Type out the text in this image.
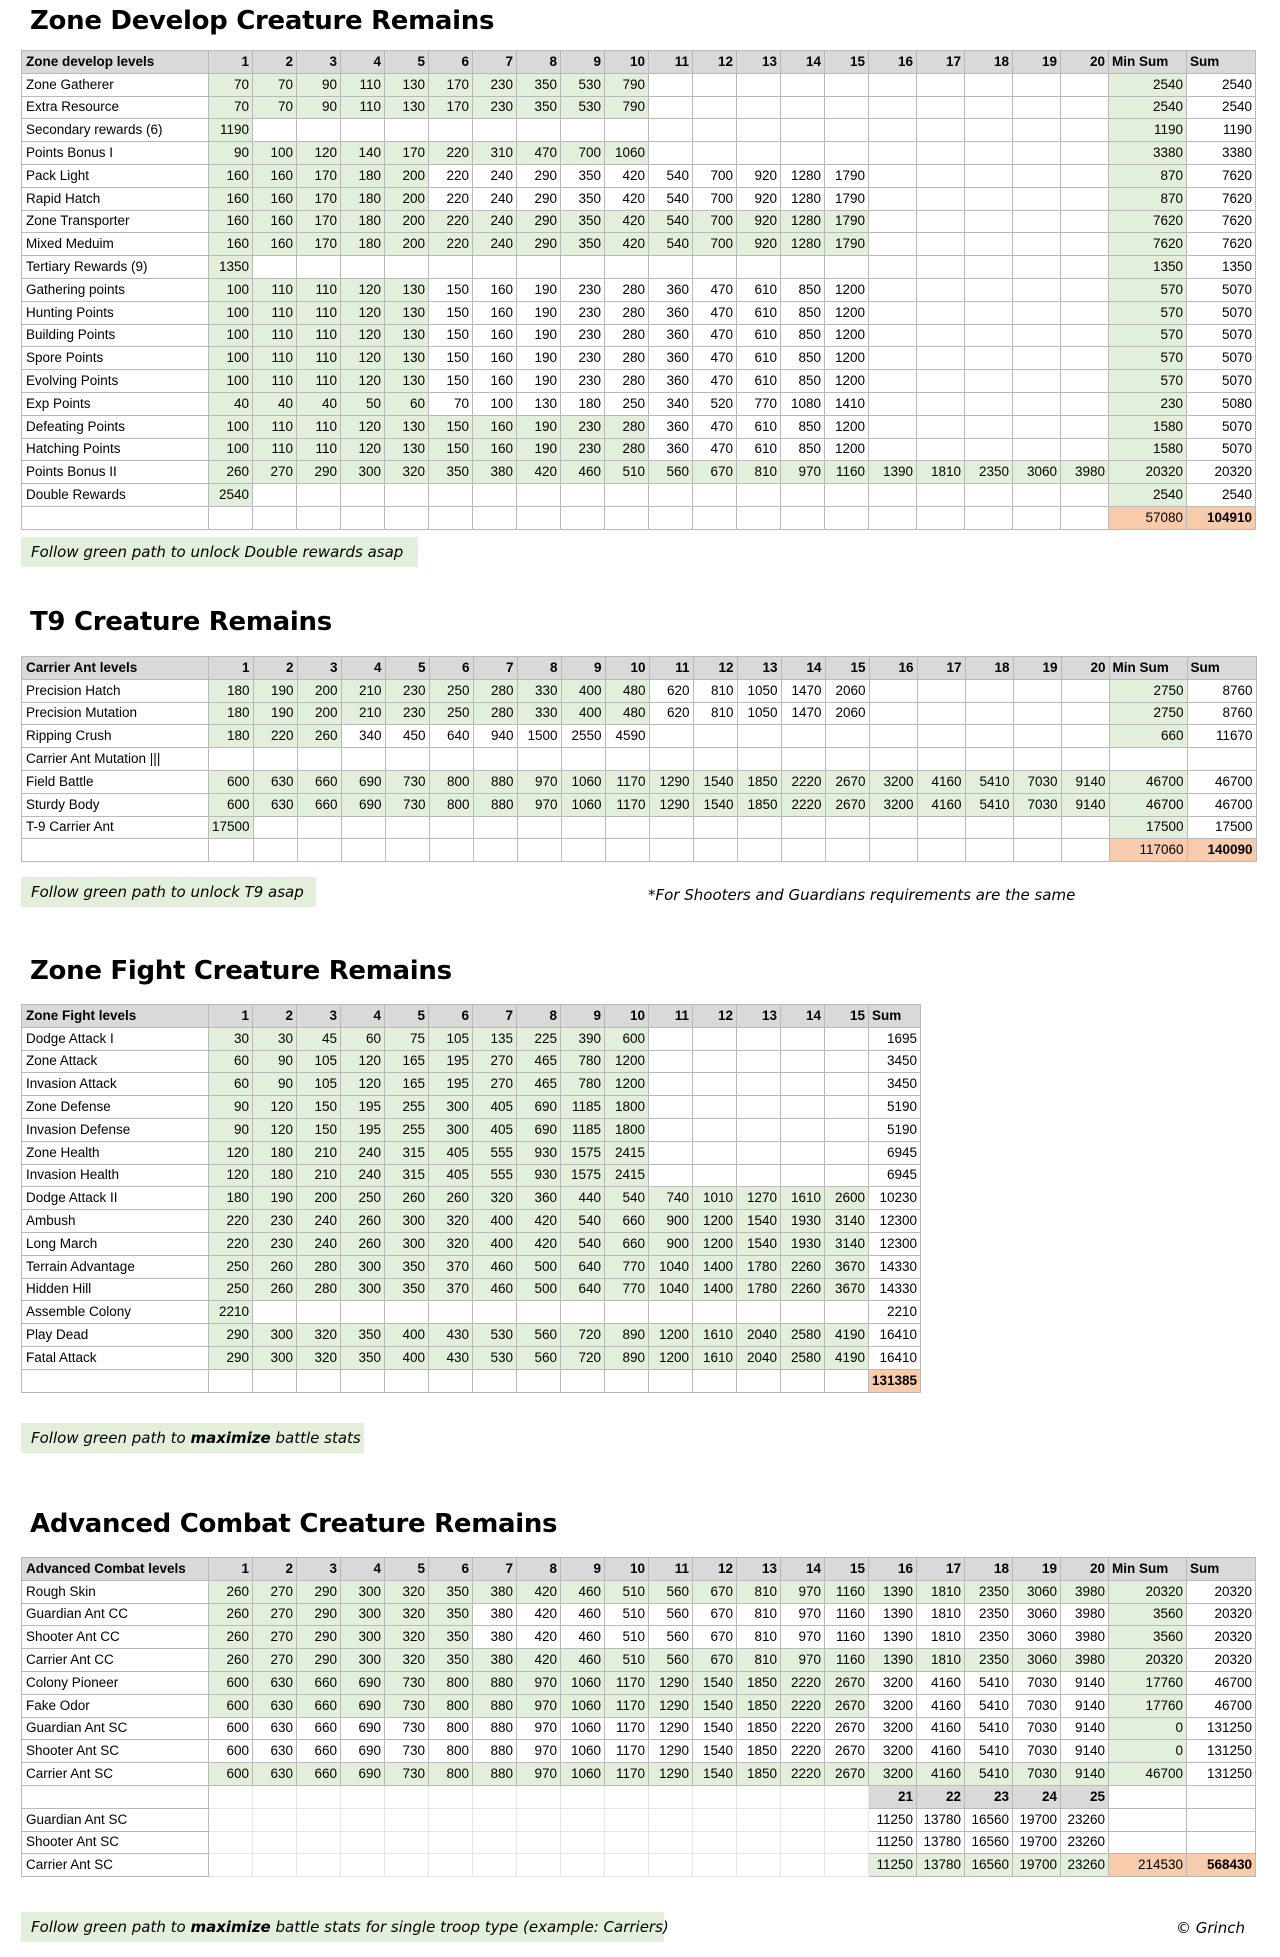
Zone Develop Creature Remains
Zone develop levels	1	2	3	4	5	6	7	8	9	10	11	12	13	14	15	16	17	18	19	20	Min Sum	Sum
Zone Gatherer	70	70	90	110	130	170	230	350	530	790											2540	2540
Extra Resource	70	70	90	110	130	170	230	350	530	790											2540	2540
Secondary rewards (6)	1190																				1190	1190
Points Bonus I	90	100	120	140	170	220	310	470	700	1060											3380	3380
Pack Light	160	160	170	180	200	220	240	290	350	420	540	700	920	1280	1790						870	7620
Rapid Hatch	160	160	170	180	200	220	240	290	350	420	540	700	920	1280	1790						870	7620
Zone Transporter	160	160	170	180	200	220	240	290	350	420	540	700	920	1280	1790						7620	7620
Mixed Meduim	160	160	170	180	200	220	240	290	350	420	540	700	920	1280	1790						7620	7620
Tertiary Rewards (9)	1350																				1350	1350
Gathering points	100	110	110	120	130	150	160	190	230	280	360	470	610	850	1200						570	5070
Hunting Points	100	110	110	120	130	150	160	190	230	280	360	470	610	850	1200						570	5070
Building Points	100	110	110	120	130	150	160	190	230	280	360	470	610	850	1200						570	5070
Spore Points	100	110	110	120	130	150	160	190	230	280	360	470	610	850	1200						570	5070
Evolving Points	100	110	110	120	130	150	160	190	230	280	360	470	610	850	1200						570	5070
Exp Points	40	40	40	50	60	70	100	130	180	250	340	520	770	1080	1410						230	5080
Defeating Points	100	110	110	120	130	150	160	190	230	280	360	470	610	850	1200						1580	5070
Hatching Points	100	110	110	120	130	150	160	190	230	280	360	470	610	850	1200						1580	5070
Points Bonus II	260	270	290	300	320	350	380	420	460	510	560	670	810	970	1160	1390	1810	2350	3060	3980	20320	20320
Double Rewards	2540																				2540	2540
																					57080	104910
Follow green path to unlock Double rewards asap
T9 Creature Remains
Carrier Ant levels	1	2	3	4	5	6	7	8	9	10	11	12	13	14	15	16	17	18	19	20	Min Sum	Sum
Precision Hatch	180	190	200	210	230	250	280	330	400	480	620	810	1050	1470	2060						2750	8760
Precision Mutation	180	190	200	210	230	250	280	330	400	480	620	810	1050	1470	2060						2750	8760
Ripping Crush	180	220	260	340	450	640	940	1500	2550	4590											660	11670
Carrier Ant Mutation |||																						
Field Battle	600	630	660	690	730	800	880	970	1060	1170	1290	1540	1850	2220	2670	3200	4160	5410	7030	9140	46700	46700
Sturdy Body	600	630	660	690	730	800	880	970	1060	1170	1290	1540	1850	2220	2670	3200	4160	5410	7030	9140	46700	46700
T-9 Carrier Ant	17500																				17500	17500
																					117060	140090
Follow green path to unlock T9 asap	*For Shooters and Guardians requirements are the same
Zone Fight Creature Remains
Zone Fight levels	1	2	3	4	5	6	7	8	9	10	11	12	13	14	15	Sum
Dodge Attack I	30	30	45	60	75	105	135	225	390	600						1695
Zone Attack	60	90	105	120	165	195	270	465	780	1200						3450
Invasion Attack	60	90	105	120	165	195	270	465	780	1200						3450
Zone Defense	90	120	150	195	255	300	405	690	1185	1800						5190
Invasion Defense	90	120	150	195	255	300	405	690	1185	1800						5190
Zone Health	120	180	210	240	315	405	555	930	1575	2415						6945
Invasion Health	120	180	210	240	315	405	555	930	1575	2415						6945
Dodge Attack II	180	190	200	250	260	260	320	360	440	540	740	1010	1270	1610	2600	10230
Ambush	220	230	240	260	300	320	400	420	540	660	900	1200	1540	1930	3140	12300
Long March	220	230	240	260	300	320	400	420	540	660	900	1200	1540	1930	3140	12300
Terrain Advantage	250	260	280	300	350	370	460	500	640	770	1040	1400	1780	2260	3670	14330
Hidden Hill	250	260	280	300	350	370	460	500	640	770	1040	1400	1780	2260	3670	14330
Assemble Colony	2210															2210
Play Dead	290	300	320	350	400	430	530	560	720	890	1200	1610	2040	2580	4190	16410
Fatal Attack	290	300	320	350	400	430	530	560	720	890	1200	1610	2040	2580	4190	16410
																131385
Follow green path to maximize battle stats
Advanced Combat Creature Remains
Advanced Combat levels	1	2	3	4	5	6	7	8	9	10	11	12	13	14	15	16	17	18	19	20	Min Sum	Sum
Rough Skin	260	270	290	300	320	350	380	420	460	510	560	670	810	970	1160	1390	1810	2350	3060	3980	20320	20320
Guardian Ant CC	260	270	290	300	320	350	380	420	460	510	560	670	810	970	1160	1390	1810	2350	3060	3980	3560	20320
Shooter Ant CC	260	270	290	300	320	350	380	420	460	510	560	670	810	970	1160	1390	1810	2350	3060	3980	3560	20320
Carrier Ant CC	260	270	290	300	320	350	380	420	460	510	560	670	810	970	1160	1390	1810	2350	3060	3980	20320	20320
Colony Pioneer	600	630	660	690	730	800	880	970	1060	1170	1290	1540	1850	2220	2670	3200	4160	5410	7030	9140	17760	46700
Fake Odor	600	630	660	690	730	800	880	970	1060	1170	1290	1540	1850	2220	2670	3200	4160	5410	7030	9140	17760	46700
Guardian Ant SC	600	630	660	690	730	800	880	970	1060	1170	1290	1540	1850	2220	2670	3200	4160	5410	7030	9140	0	131250
Shooter Ant SC	600	630	660	690	730	800	880	970	1060	1170	1290	1540	1850	2220	2670	3200	4160	5410	7030	9140	0	131250
Carrier Ant SC	600	630	660	690	730	800	880	970	1060	1170	1290	1540	1850	2220	2670	3200	4160	5410	7030	9140	46700	131250
																21	22	23	24	25		
Guardian Ant SC																11250	13780	16560	19700	23260		
Shooter Ant SC																11250	13780	16560	19700	23260		
Carrier Ant SC																11250	13780	16560	19700	23260	214530	568430
Follow green path to maximize battle stats for single troop type (example: Carriers)	© Grinch
